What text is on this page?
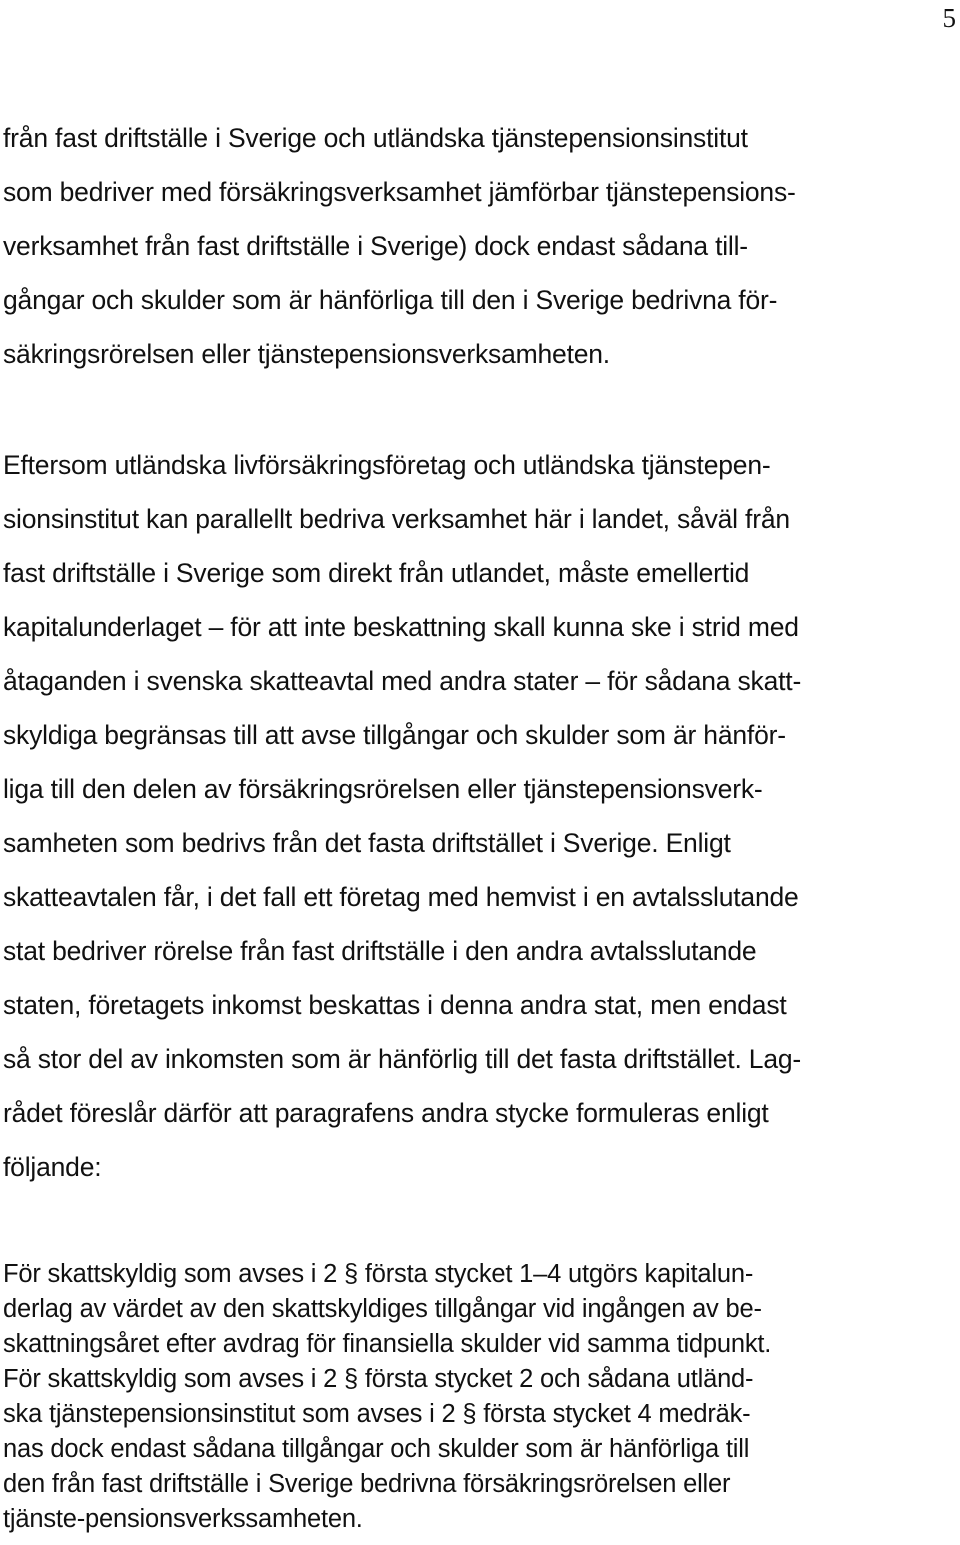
5
från fast driftställe i Sverige och utländska tjänstepensionsinstitut
som bedriver med försäkringsverksamhet jämförbar tjänstepensions-
verksamhet från fast driftställe i Sverige) dock endast sådana till-
gångar och skulder som är hänförliga till den i Sverige bedrivna för-
säkringsrörelsen eller tjänstepensionsverksamheten.
Eftersom utländska livförsäkringsföretag och utländska tjänstepen-
sionsinstitut kan parallellt bedriva verksamhet här i landet, såväl från
fast driftställe i Sverige som direkt från utlandet, måste emellertid
kapitalunderlaget – för att inte beskattning skall kunna ske i strid med
åtaganden i svenska skatteavtal med andra stater – för sådana skatt-
skyldiga begränsas till att avse tillgångar och skulder som är hänför-
liga till den delen av försäkringsrörelsen eller tjänstepensionsverk-
samheten som bedrivs från det fasta driftstället i Sverige. Enligt
skatteavtalen får, i det fall ett företag med hemvist i en avtalsslutande
stat bedriver rörelse från fast driftställe i den andra avtalsslutande
staten, företagets inkomst beskattas i denna andra stat, men endast
så stor del av inkomsten som är hänförlig till det fasta driftstället. Lag-
rådet föreslår därför att paragrafens andra stycke formuleras enligt
följande:
För skattskyldig som avses i 2 § första stycket 1–4 utgörs kapitalun-
derlag av värdet av den skattskyldiges tillgångar vid ingången av be-
skattningsåret efter avdrag för finansiella skulder vid samma tidpunkt.
För skattskyldig som avses i 2 § första stycket 2 och sådana utländ-
ska tjänstepensionsinstitut som avses i 2 § första stycket 4 medräk-
nas dock endast sådana tillgångar och skulder som är hänförliga till
den från fast driftställe i Sverige bedrivna försäkringsrörelsen eller
tjänste-pensionsverkssamheten.
